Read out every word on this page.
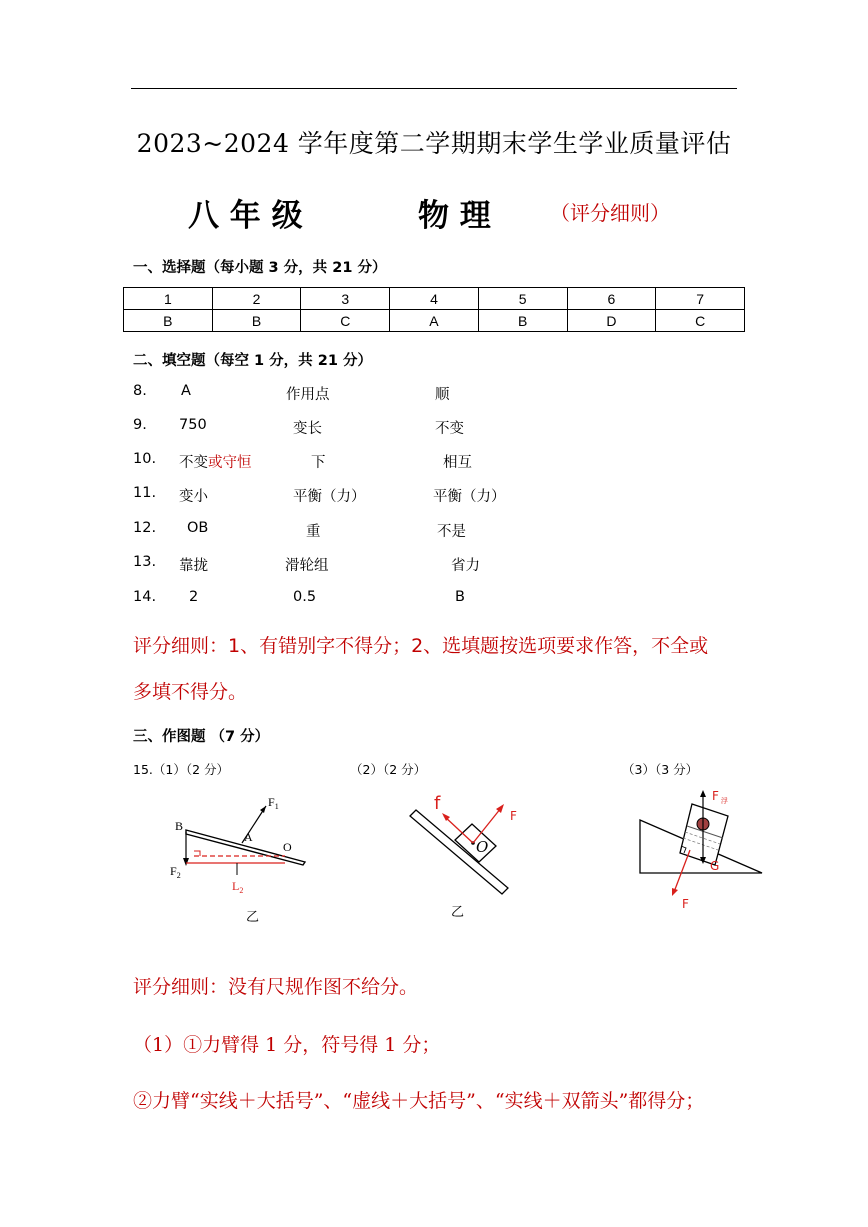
2023~2024 学年度第二学期期末学生学业质量评估
八 年 级	物 理	（评分细则）
一、选择题（每小题 3 分，共 21 分）
1	2	3	4	5	6	7
B	B	C	A	B	D	C
二、填空题（每空 1 分，共 21 分）
8. A	作用点	顺
9. 750	变长	不变
10. 不变或守恒	下	相互
11. 变小	平衡（力）	平衡（力）
12. OB	重	不是
13. 靠拢	滑轮组	省力
14. 2	0.5	B
评分细则：1、有错别字不得分；2、选填题按选项要求作答，不全或
多填不得分。
三、作图题 （7 分）
15.（1）（2 分）	（2）（2 分）	（3）（3 分）
B
A
O
$F_1$
$F_2$
$L_2$
乙
f
F
O
乙
F $_浮$
G
F
评分细则：没有尺规作图不给分。
（1）①力臂得 1 分，符号得 1 分；
②力臂“实线＋大括号”、“虚线＋大括号”、“实线＋双箭头”都得分；
